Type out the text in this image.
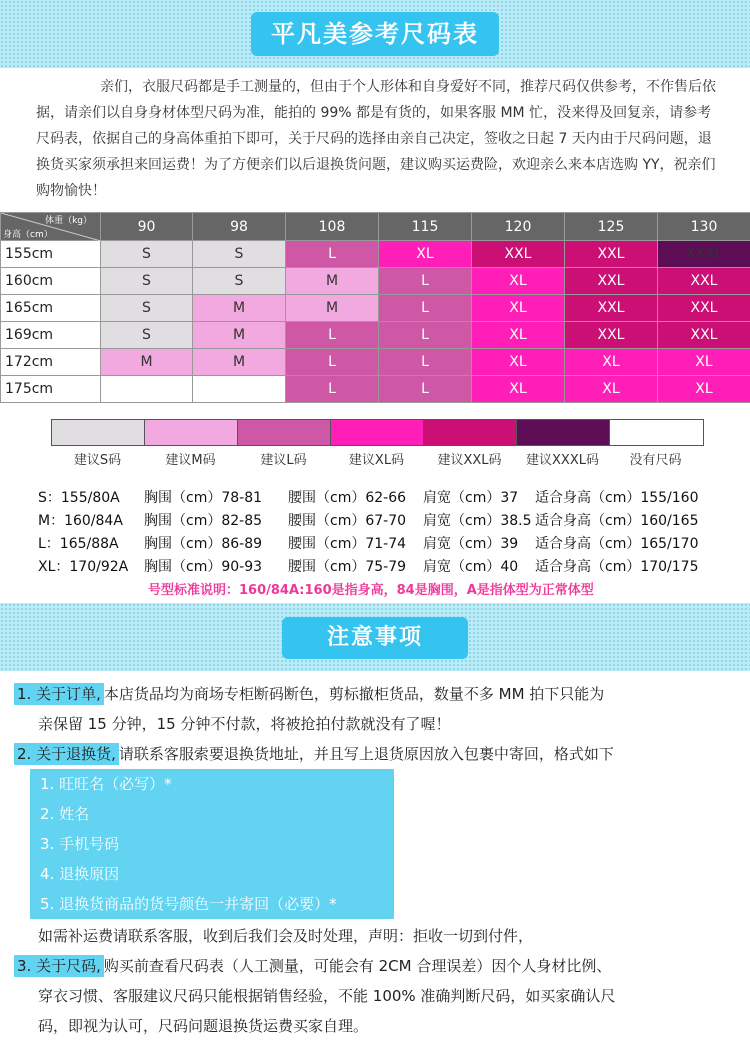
平凡美参考尺码表
亲们，衣服尺码都是手工测量的，但由于个人形体和自身爱好不同，推荐尺码仅供参考，不作售后依据，请亲们以自身身材体型尺码为准，能拍的 99% 都是有货的，如果客服 MM 忙，没来得及回复亲，请参考尺码表，依据自己的身高体重拍下即可，关于尺码的选择由亲自己决定，签收之日起 7 天内由于尺码问题，退换货买家须承担来回运费！为了方便亲们以后退换货问题，建议购买运费险，欢迎亲么来本店选购 YY，祝亲们购物愉快！
体重（kg）
身高（cm）	90	98	108	115	120	125	130
155cm	S	S	L	XL	XXL	XXL	XXXL
160cm	S	S	M	L	XL	XXL	XXL
165cm	S	M	M	L	XL	XXL	XXL
169cm	S	M	L	L	XL	XXL	XXL
172cm	M	M	L	L	XL	XL	XL
175cm			L	L	XL	XL	XL
建议S码	建议M码	建议L码	建议XL码	建议XXL码	建议XXXL码	没有尺码
S：155/80A 胸围（cm）78-81 腰围（cm）62-66 肩宽（cm）37 适合身高（cm）155/160
M：160/84A 胸围（cm）82-85 腰围（cm）67-70 肩宽（cm）38.5 适合身高（cm）160/165
L：165/88A 胸围（cm）86-89 腰围（cm）71-74 肩宽（cm）39 适合身高（cm）165/170
XL：170/92A 胸围（cm）90-93 腰围（cm）75-79 肩宽（cm）40 适合身高（cm）170/175
号型标准说明：160/84A:160是指身高，84是胸围，A是指体型为正常体型
注意事项
1. 关于订单, 本店货品均为商场专柜断码断色，剪标撤柜货品，数量不多 MM 拍下只能为
亲保留 15 分钟，15 分钟不付款，将被抢拍付款就没有了喔！
2. 关于退换货, 请联系客服索要退换货地址，并且写上退货原因放入包裹中寄回，格式如下
1. 旺旺名（必写）*
2. 姓名
3. 手机号码
4. 退换原因
5. 退换货商品的货号颜色一并寄回（必要）*
如需补运费请联系客服，收到后我们会及时处理，声明：拒收一切到付件，
3. 关于尺码, 购买前查看尺码表（人工测量，可能会有 2CM 合理误差）因个人身材比例、
穿衣习惯、客服建议尺码只能根据销售经验，不能 100% 准确判断尺码，如买家确认尺
码，即视为认可，尺码问题退换货运费买家自理。
